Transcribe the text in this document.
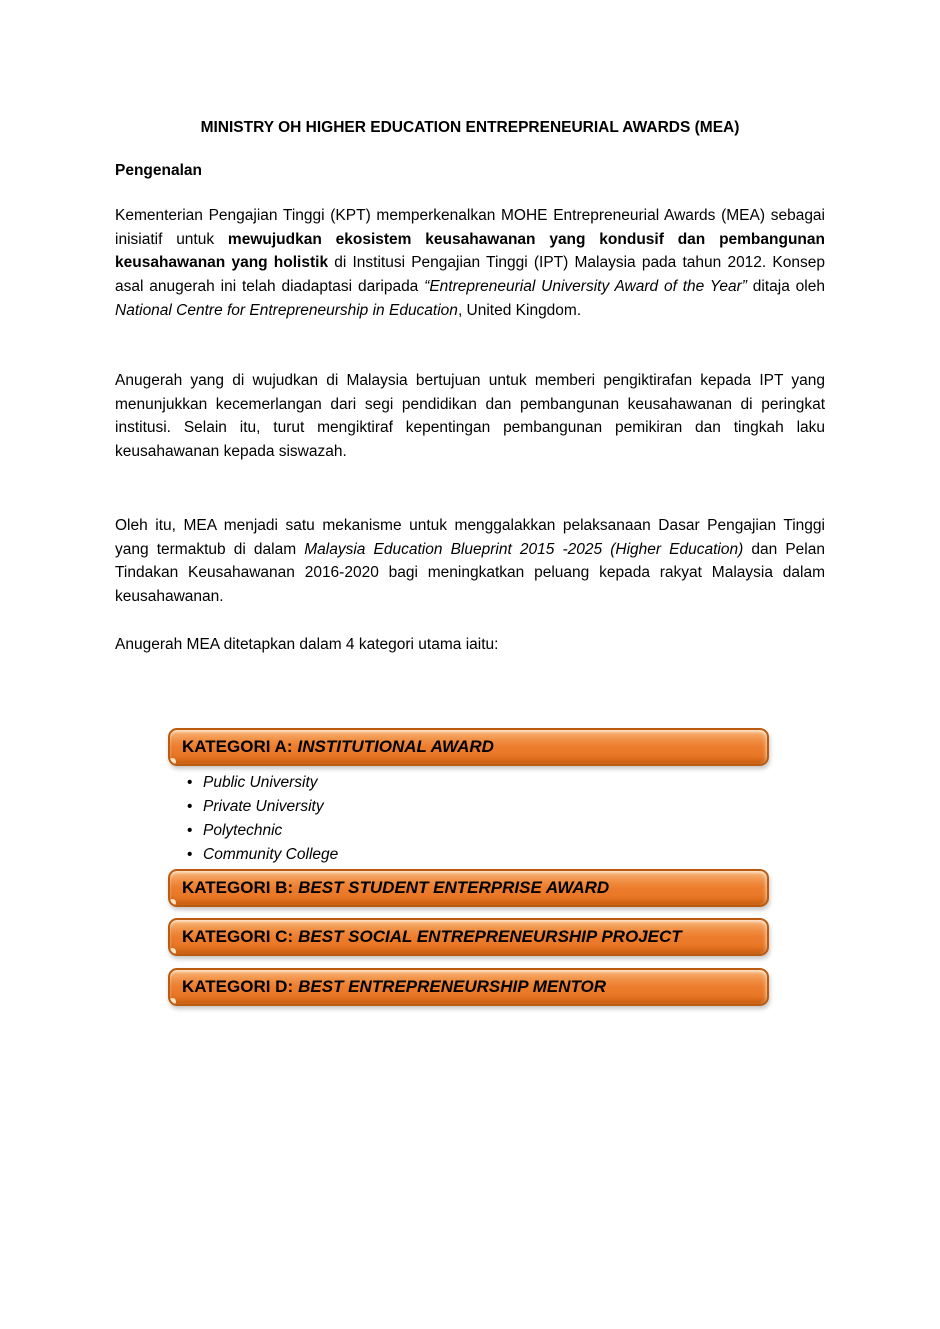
MINISTRY OH HIGHER EDUCATION ENTREPRENEURIAL AWARDS (MEA)
Pengenalan

Kementerian Pengajian Tinggi (KPT) memperkenalkan MOHE Entrepreneurial Awards (MEA) sebagai inisiatif untuk mewujudkan ekosistem keusahawanan yang kondusif dan pembangunan keusahawanan yang holistik di Institusi Pengajian Tinggi (IPT) Malaysia pada tahun 2012. Konsep asal anugerah ini telah diadaptasi daripada “Entrepreneurial University Award of the Year” ditaja oleh National Centre for Entrepreneurship in Education, United Kingdom.

Anugerah yang di wujudkan di Malaysia bertujuan untuk memberi pengiktirafan kepada IPT yang menunjukkan kecemerlangan dari segi pendidikan dan pembangunan keusahawanan di peringkat institusi. Selain itu, turut mengiktiraf kepentingan pembangunan pemikiran dan tingkah laku keusahawanan kepada siswazah.

Oleh itu, MEA menjadi satu mekanisme untuk menggalakkan pelaksanaan Dasar Pengajian Tinggi yang termaktub di dalam Malaysia Education Blueprint 2015 -2025 (Higher Education) dan Pelan Tindakan Keusahawanan 2016-2020 bagi meningkatkan peluang kepada rakyat Malaysia dalam keusahawanan.

Anugerah MEA ditetapkan dalam 4 kategori utama iaitu:

KATEGORI A: INSTITUTIONAL AWARD
• Public University
• Private University
• Polytechnic
• Community College
KATEGORI B: BEST STUDENT ENTERPRISE AWARD
KATEGORI C: BEST SOCIAL ENTREPRENEURSHIP PROJECT
KATEGORI D: BEST ENTREPRENEURSHIP MENTOR
